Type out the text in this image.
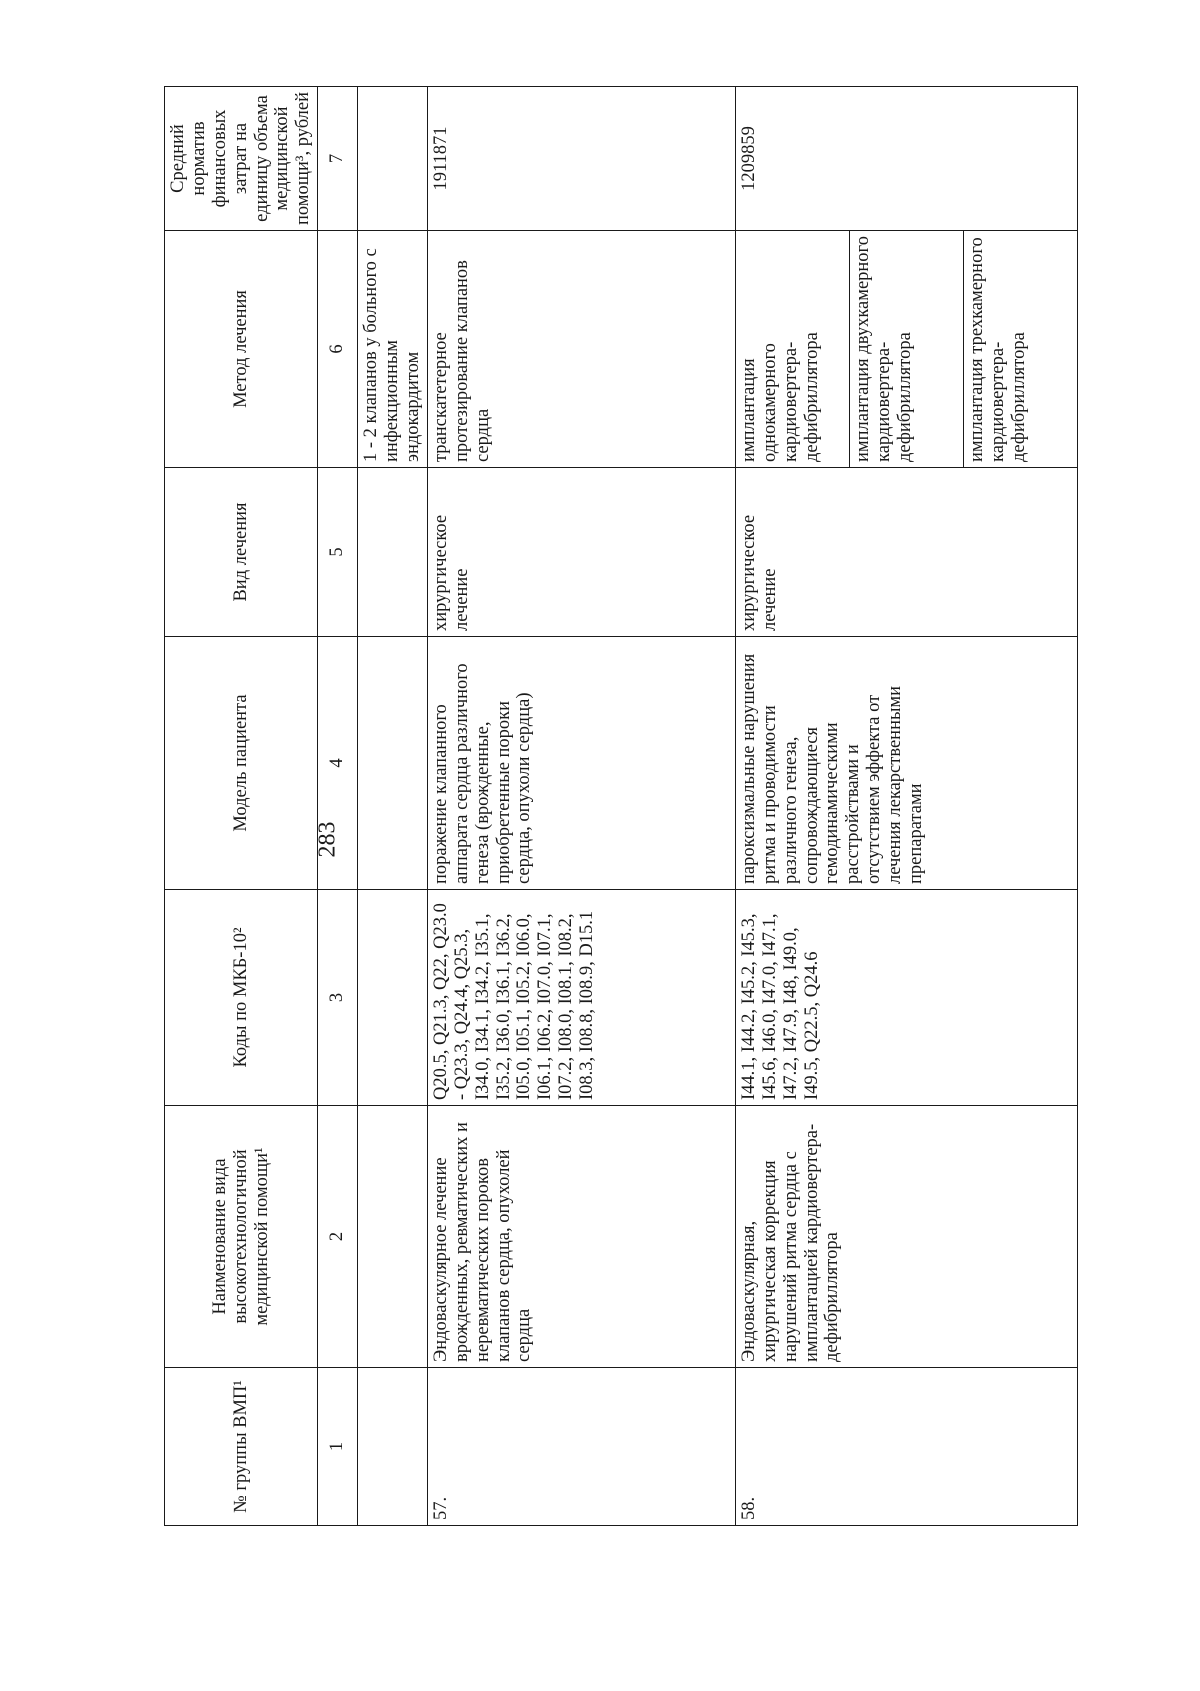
283
№ группы ВМП¹	Наименование вида высокотехнологичной медицинской помощи¹	Коды по МКБ-10²	Модель пациента	Вид лечения	Метод лечения	Средний норматив финансовых затрат на единицу объема медицинской помощи³, рублей
1	2	3	4	5	6	7
					1 - 2 клапанов у больного с инфекционным эндокардитом	
57.	Эндоваскулярное лечение врожденных, ревматических и неревматических пороков клапанов сердца, опухолей сердца	Q20.5, Q21.3, Q22, Q23.0 - Q23.3, Q24.4, Q25.3, I34.0, I34.1, I34.2, I35.1, I35.2, I36.0, I36.1, I36.2, I05.0, I05.1, I05.2, I06.0, I06.1, I06.2, I07.0, I07.1, I07.2, I08.0, I08.1, I08.2, I08.3, I08.8, I08.9, D15.1	поражение клапанного аппарата сердца различного генеза (врожденные, приобретенные пороки сердца, опухоли сердца)	хирургическое лечение	транскатетерное протезирование клапанов сердца	1911871
58.	Эндоваскулярная, хирургическая коррекция нарушений ритма сердца с имплантацией кардиовертера-дефибриллятора	I44.1, I44.2, I45.2, I45.3, I45.6, I46.0, I47.0, I47.1, I47.2, I47.9, I48, I49.0, I49.5, Q22.5, Q24.6	пароксизмальные нарушения ритма и проводимости различного генеза, сопровождающиеся гемодинамическими расстройствами и отсутствием эффекта от лечения лекарственными препаратами	хирургическое лечение	имплантация однокамерного кардиовертера-дефибриллятора	1209859
					имплантация двухкамерного кардиовертера-дефибриллятора	
					имплантация трехкамерного кардиовертера-дефибриллятора	
